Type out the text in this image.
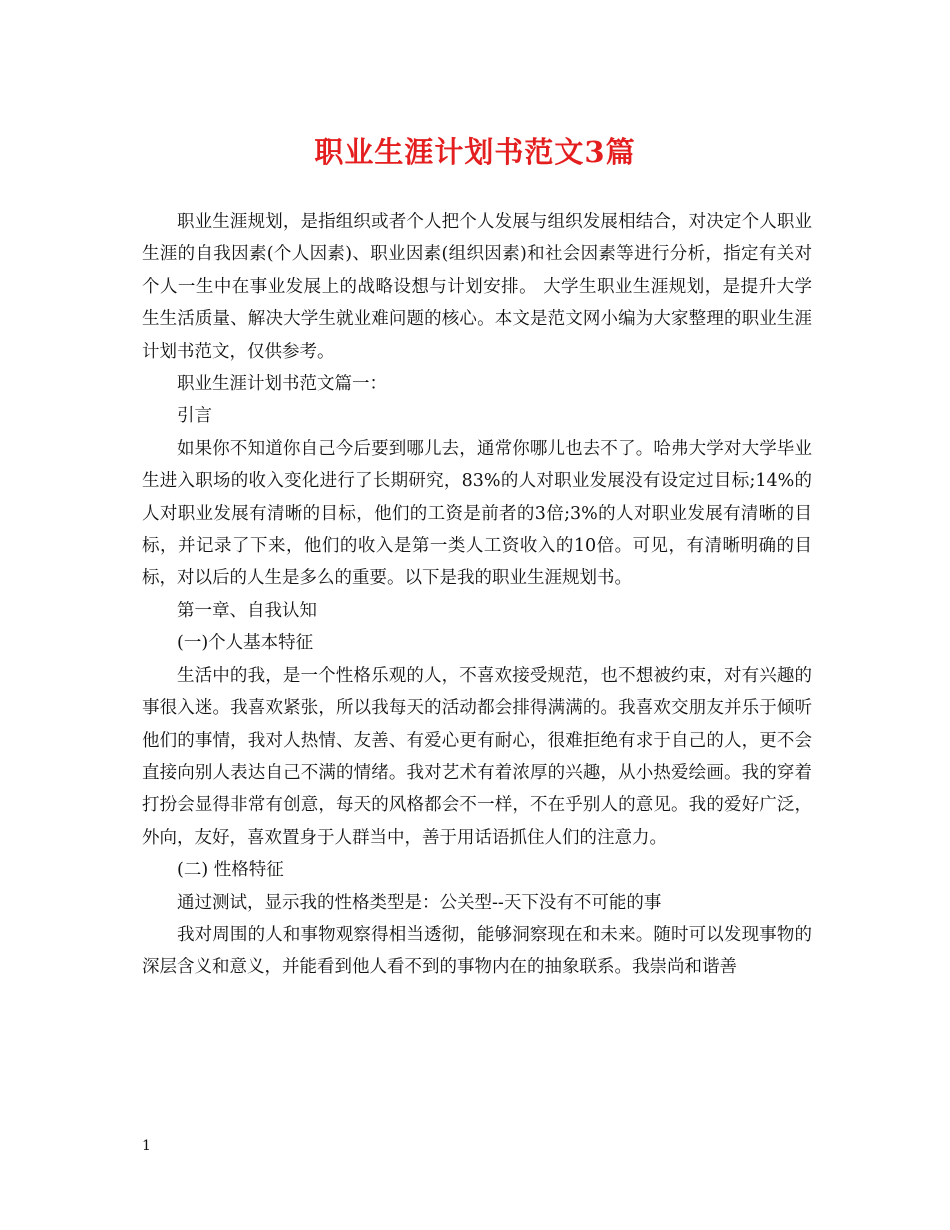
职业生涯计划书范文3篇

职业生涯规划，是指组织或者个人把个人发展与组织发展相结合，对决定个人职业生涯的自我因素(个人因素)、职业因素(组织因素)和社会因素等进行分析，指定有关对个人一生中在事业发展上的战略设想与计划安排。 大学生职业生涯规划，是提升大学生生活质量、解决大学生就业难问题的核心。本文是范文网小编为大家整理的职业生涯计划书范文，仅供参考。

职业生涯计划书范文篇一：

引言

如果你不知道你自己今后要到哪儿去，通常你哪儿也去不了。哈弗大学对大学毕业生进入职场的收入变化进行了长期研究，83%的人对职业发展没有设定过目标;14%的人对职业发展有清晰的目标，他们的工资是前者的3倍;3%的人对职业发展有清晰的目标，并记录了下来，他们的收入是第一类人工资收入的10倍。可见，有清晰明确的目标，对以后的人生是多么的重要。以下是我的职业生涯规划书。

第一章、自我认知

(一)个人基本特征

生活中的我，是一个性格乐观的人，不喜欢接受规范，也不想被约束，对有兴趣的事很入迷。我喜欢紧张，所以我每天的活动都会排得满满的。我喜欢交朋友并乐于倾听他们的事情，我对人热情、友善、有爱心更有耐心，很难拒绝有求于自己的人，更不会直接向别人表达自己不满的情绪。我对艺术有着浓厚的兴趣，从小热爱绘画。我的穿着打扮会显得非常有创意，每天的风格都会不一样，不在乎别人的意见。我的爱好广泛，外向，友好，喜欢置身于人群当中，善于用话语抓住人们的注意力。

(二) 性格特征

通过测试，显示我的性格类型是：公关型--天下没有不可能的事

我对周围的人和事物观察得相当透彻，能够洞察现在和未来。随时可以发现事物的深层含义和意义，并能看到他人看不到的事物内在的抽象联系。我崇尚和谐善

1
